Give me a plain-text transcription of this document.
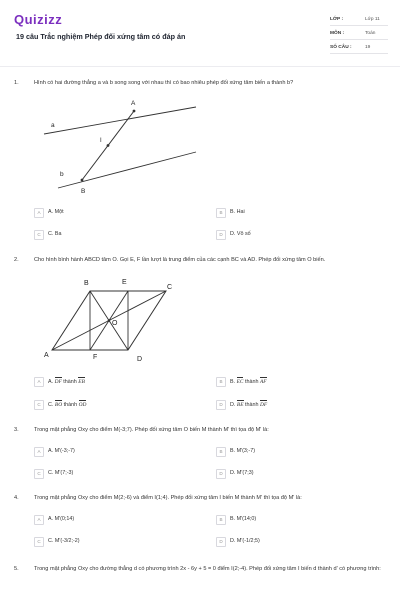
Quizizz
19 câu Trắc nghiệm Phép đối xứng tâm có đáp án
LỚP :	Lớp 11
MÔN :	Toán
SỐ CÂU :	19
1.	Hình có hai đường thẳng a và b song song với nhau thì có bao nhiêu phép đối xứng tâm biến a thành b?
A
a
I
b
B
A	A. Một	B	B. Hai
C	C. Ba	D	D. Vô số
2.	Cho hình bình hành ABCD tâm O. Gọi E, F lần lượt là trung điểm của các cạnh BC và AD. Phép đối xứng tâm O biến.
A
B
C
D
E
F
O
A	A. DF thành EB	B	B. EC thành AF
C	C. BO thành OD	D	D. BE thành DF
3.	Trong mặt phẳng Oxy cho điểm M(-3;7). Phép đối xứng tâm O biến M thành M' thì tọa độ M' là:
A	A. M'(-3;-7)	B	B. M'(3;-7)
C	C. M'(7;-3)	D	D. M'(7;3)
4.	Trong mặt phẳng Oxy cho điểm M(2;-6) và điểm I(1;4). Phép đối xứng tâm I biến M thành M' thì tọa độ M' là:
A	A. M'(0;14)	B	B. M'(14;0)
C	C. M'(-3/2;-2)	D	D. M'(-1/2;5)
5.	Trong mặt phẳng Oxy cho đường thẳng d có phương trình 2x - 6y + 5 = 0 điểm I(2;-4). Phép đối xứng tâm I biến d thành d' có phương trình:
